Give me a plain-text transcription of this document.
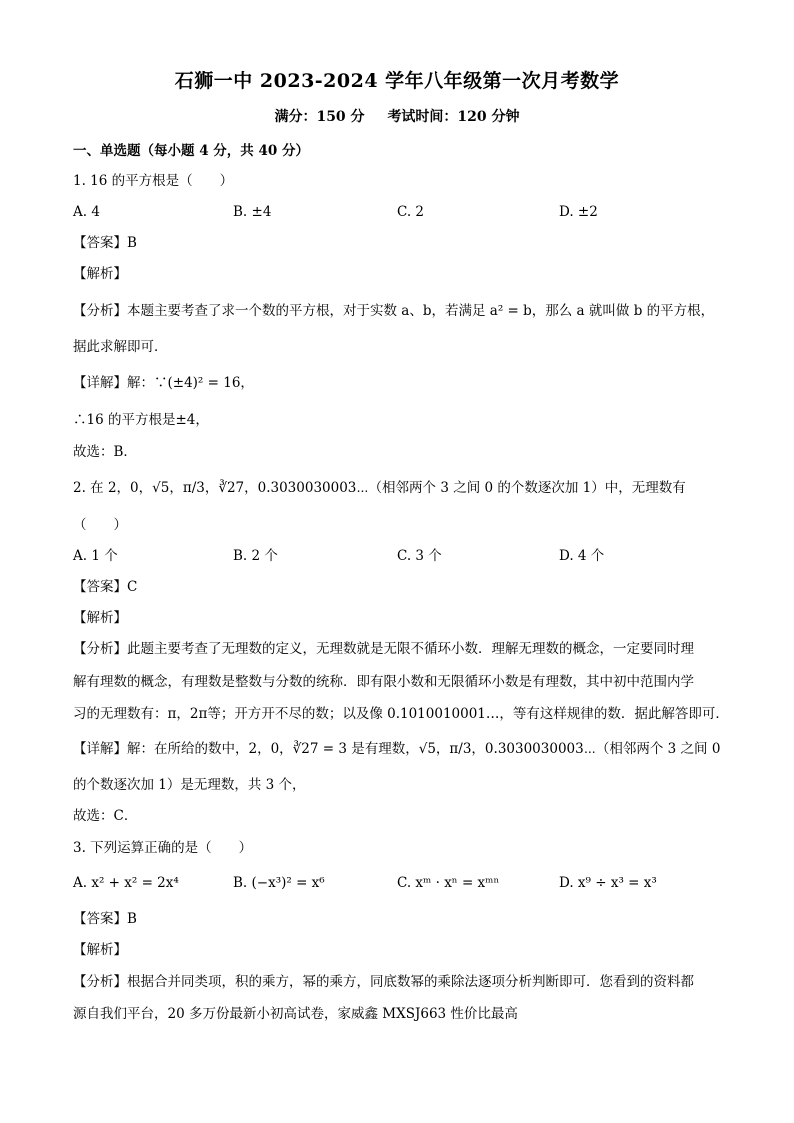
石狮一中 2023-2024 学年八年级第一次月考数学
满分：150 分 考试时间：120 分钟
一、单选题（每小题 4 分，共 40 分）
1. 16 的平方根是（　　）
A. 4	B. ±4	C. 2	D. ±2
【答案】B
【解析】
【分析】本题主要考查了求一个数的平方根，对于实数 a、b，若满足 a² = b，那么 a 就叫做 b 的平方根，
据此求解即可．
【详解】解：∵(±4)² = 16，
∴16 的平方根是±4，
故选：B．
2. 在 2，0，√5，π/3，∛27，0.3030030003⋯（相邻两个 3 之间 0 的个数逐次加 1）中，无理数有
（　　）
A. 1 个	B. 2 个	C. 3 个	D. 4 个
【答案】C
【解析】
【分析】此题主要考查了无理数的定义，无理数就是无限不循环小数．理解无理数的概念，一定要同时理
解有理数的概念，有理数是整数与分数的统称．即有限小数和无限循环小数是有理数，其中初中范围内学
习的无理数有：π，2π等；开方开不尽的数；以及像 0.1010010001…，等有这样规律的数．据此解答即可．
【详解】解：在所给的数中，2，0，∛27 = 3 是有理数，√5，π/3，0.3030030003⋯（相邻两个 3 之间 0
的个数逐次加 1）是无理数，共 3 个，
故选：C．
3. 下列运算正确的是（　　）
A. x² + x² = 2x⁴	B. (−x³)² = x⁶	C. xᵐ · xⁿ = xᵐⁿ	D. x⁹ ÷ x³ = x³
【答案】B
【解析】
【分析】根据合并同类项，积的乘方，幂的乘方，同底数幂的乘除法逐项分析判断即可．您看到的资料都
源自我们平台，20 多万份最新小初高试卷，家威鑫 MXSJ663 性价比最高
